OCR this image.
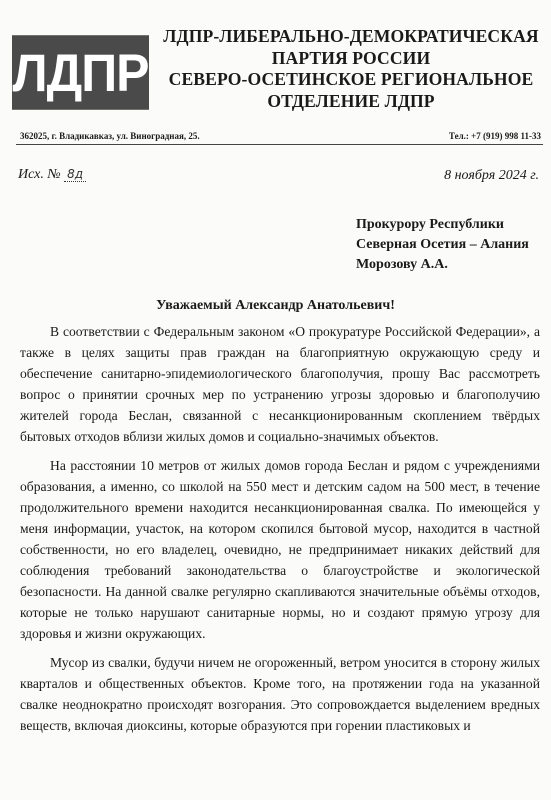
ЛДПР
ЛДПР-ЛИБЕРАЛЬНО-ДЕМОКРАТИЧЕСКАЯ
ПАРТИЯ РОССИИ
СЕВЕРО-ОСЕТИНСКОЕ РЕГИОНАЛЬНОЕ
ОТДЕЛЕНИЕ ЛДПР
362025, г. Владикавказ, ул. Виноградная, 25.	Тел.: +7 (919) 998 11-33
Исх. № 8д	8 ноября 2024 г.
Прокурору Республики
Северная Осетия – Алания
Морозову А.А.
Уважаемый Александр Анатольевич!

В соответствии с Федеральным законом «О прокуратуре Российской Федерации», а также в целях защиты прав граждан на благоприятную окружающую среду и обеспечение санитарно-эпидемиологического благополучия, прошу Вас рассмотреть вопрос о принятии срочных мер по устранению угрозы здоровью и благополучию жителей города Беслан, связанной с несанкционированным скоплением твёрдых бытовых отходов вблизи жилых домов и социально-значимых объектов.

На расстоянии 10 метров от жилых домов города Беслан и рядом с учреждениями образования, а именно, со школой на 550 мест и детским садом на 500 мест, в течение продолжительного времени находится несанкционированная свалка. По имеющейся у меня информации, участок, на котором скопился бытовой мусор, находится в частной собственности, но его владелец, очевидно, не предпринимает никаких действий для соблюдения требований законодательства о благоустройстве и экологической безопасности. На данной свалке регулярно скапливаются значительные объёмы отходов, которые не только нарушают санитарные нормы, но и создают прямую угрозу для здоровья и жизни окружающих.

Мусор из свалки, будучи ничем не огороженный, ветром уносится в сторону жилых кварталов и общественных объектов. Кроме того, на протяжении года на указанной свалке неоднократно происходят возгорания. Это сопровождается выделением вредных веществ, включая диоксины, которые образуются при горении пластиковых и
